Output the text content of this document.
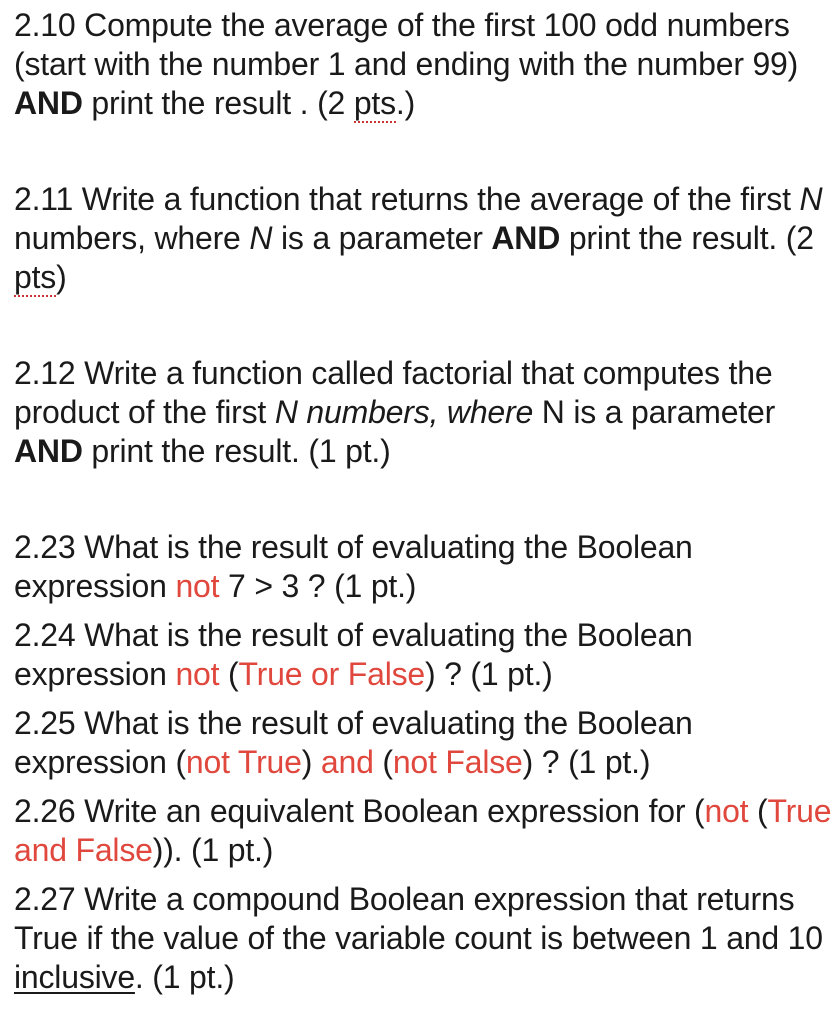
2.10 Compute the average of the first 100 odd numbers (start with the number 1 and ending with the number 99) AND print the result . (2 pts.)

2.11 Write a function that returns the average of the first N numbers, where N is a parameter AND print the result. (2 pts)

2.12 Write a function called factorial that computes the product of the first N numbers, where N is a parameter AND print the result. (1 pt.)

2.23 What is the result of evaluating the Boolean expression not 7 > 3 ? (1 pt.)

2.24 What is the result of evaluating the Boolean expression not (True or False) ? (1 pt.)

2.25 What is the result of evaluating the Boolean expression (not True) and (not False) ? (1 pt.)

2.26 Write an equivalent Boolean expression for (not (True and False)). (1 pt.)

2.27 Write a compound Boolean expression that returns True if the value of the variable count is between 1 and 10 inclusive. (1 pt.)
